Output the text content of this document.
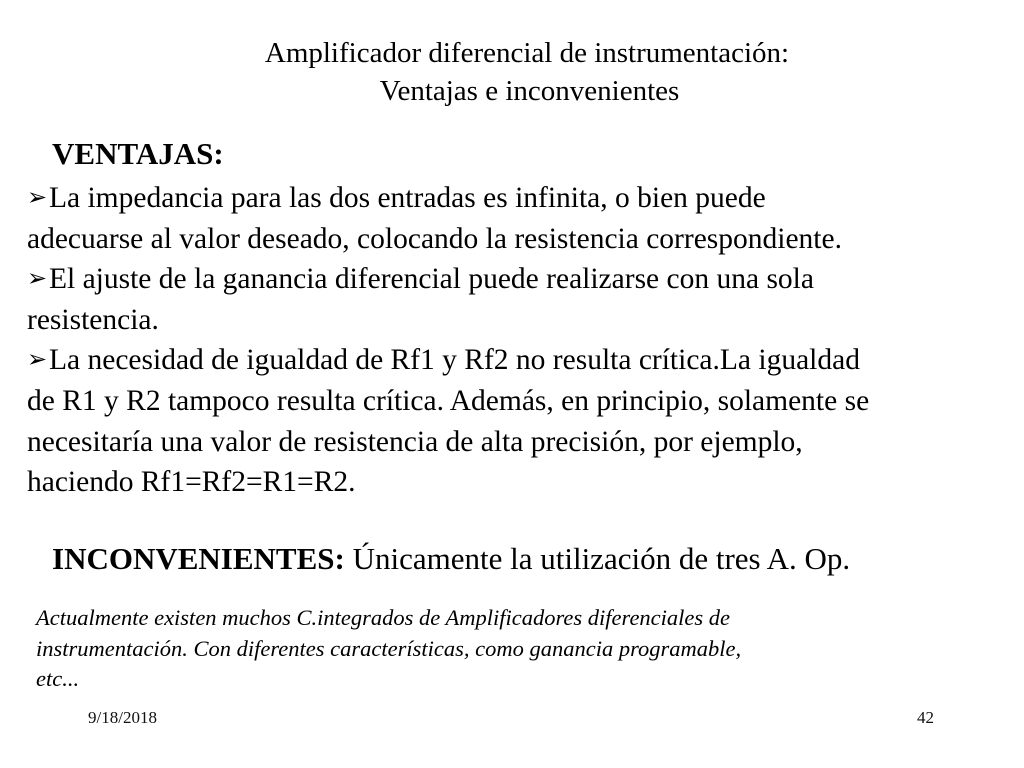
Amplificador diferencial de instrumentación:
Ventajas e inconvenientes
VENTAJAS:
➢La impedancia para las dos entradas es infinita, o bien puede
adecuarse al valor deseado, colocando la resistencia correspondiente.
➢El ajuste de la ganancia diferencial puede realizarse con una sola
resistencia.
➢La necesidad de igualdad de Rf1 y Rf2 no resulta crítica.La igualdad
de R1 y R2 tampoco resulta crítica. Además, en principio, solamente se
necesitaría una valor de resistencia de alta precisión, por ejemplo,
haciendo Rf1=Rf2=R1=R2.
INCONVENIENTES: Únicamente la utilización de tres A. Op.
Actualmente existen muchos C.integrados de Amplificadores diferenciales de
instrumentación. Con diferentes características, como ganancia programable,
etc...
9/18/2018	42
